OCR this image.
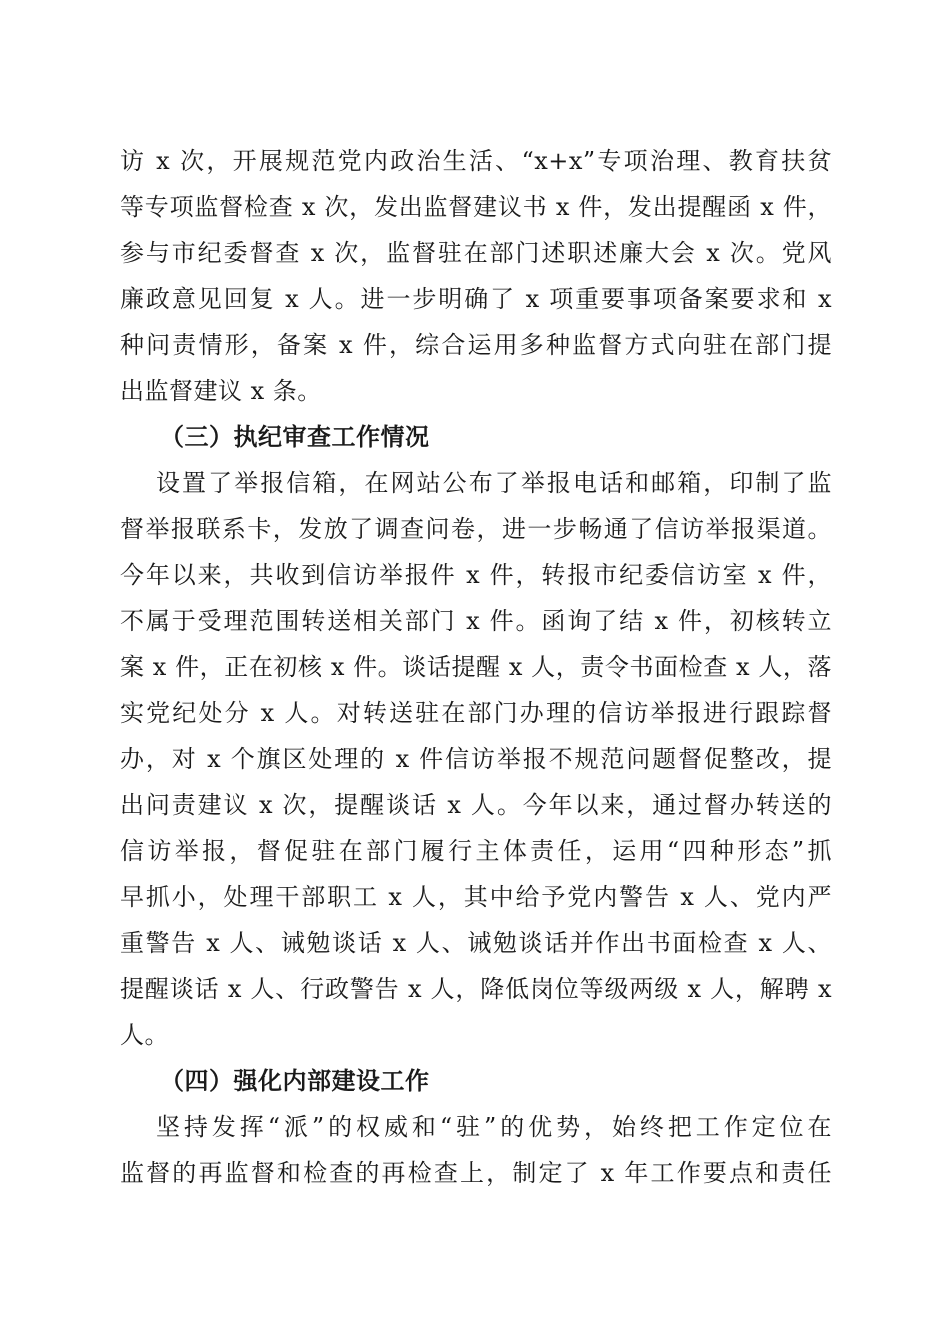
访 x 次，开展规范党内政治生活、“x+x”专项治理、教育扶贫
等专项监督检查 x 次，发出监督建议书 x 件，发出提醒函 x 件，
参与市纪委督查 x 次，监督驻在部门述职述廉大会 x 次。党风
廉政意见回复 x 人。进一步明确了 x 项重要事项备案要求和 x
种问责情形，备案 x 件，综合运用多种监督方式向驻在部门提
出监督建议 x 条。
（三）执纪审查工作情况
设置了举报信箱，在网站公布了举报电话和邮箱，印制了监
督举报联系卡，发放了调查问卷，进一步畅通了信访举报渠道。
今年以来，共收到信访举报件 x 件，转报市纪委信访室 x 件，
不属于受理范围转送相关部门 x 件。函询了结 x 件，初核转立
案 x 件，正在初核 x 件。谈话提醒 x 人，责令书面检查 x 人，落
实党纪处分 x 人。对转送驻在部门办理的信访举报进行跟踪督
办，对 x 个旗区处理的 x 件信访举报不规范问题督促整改，提
出问责建议 x 次，提醒谈话 x 人。今年以来，通过督办转送的
信访举报，督促驻在部门履行主体责任，运用“四种形态”抓
早抓小，处理干部职工 x 人，其中给予党内警告 x 人、党内严
重警告 x 人、诫勉谈话 x 人、诫勉谈话并作出书面检查 x 人、
提醒谈话 x 人、行政警告 x 人，降低岗位等级两级 x 人，解聘 x
人。
（四）强化内部建设工作
坚持发挥“派”的权威和“驻”的优势，始终把工作定位在
监督的再监督和检查的再检查上，制定了 x 年工作要点和责任
